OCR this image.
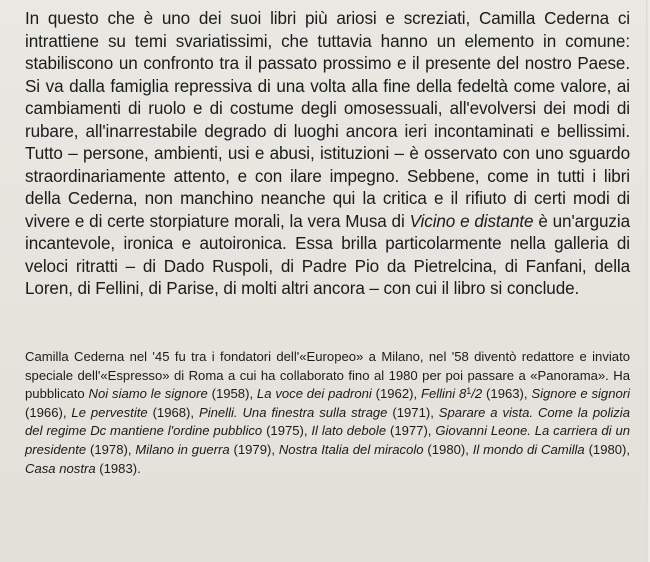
In questo che è uno dei suoi libri più ariosi e screziati, Camilla Cederna ci intrattiene su temi svariatissimi, che tuttavia hanno un elemento in comune: stabiliscono un confronto tra il passato prossimo e il presente del nostro Paese. Si va dalla famiglia repressiva di una volta alla fine della fedeltà come valore, ai cambiamenti di ruolo e di costume degli omosessuali, all'evolversi dei modi di rubare, all'inarrestabile degrado di luoghi ancora ieri incontaminati e bellissimi. Tutto – persone, ambienti, usi e abusi, istituzioni – è osservato con uno sguardo straordinariamente attento, e con ilare impegno. Sebbene, come in tutti i libri della Cederna, non manchino neanche qui la critica e il rifiuto di certi modi di vivere e di certe storpiature morali, la vera Musa di Vicino e distante è un'arguzia incantevole, ironica e autoironica. Essa brilla particolarmente nella galleria di veloci ritratti – di Dado Ruspoli, di Padre Pio da Pietrelcina, di Fanfani, della Loren, di Fellini, di Parise, di molti altri ancora – con cui il libro si conclude.

Camilla Cederna nel '45 fu tra i fondatori dell'«Europeo» a Milano, nel '58 diventò redattore e inviato speciale dell'«Espresso» di Roma a cui ha collaborato fino al 1980 per poi passare a «Panorama». Ha pubblicato Noi siamo le signore (1958), La voce dei padroni (1962), Fellini $8^1/2$ (1963), Signore e signori (1966), Le pervestite (1968), Pinelli. Una finestra sulla strage (1971), Sparare a vista. Come la polizia del regime Dc mantiene l'ordine pubblico (1975), Il lato debole (1977), Giovanni Leone. La carriera di un presidente (1978), Milano in guerra (1979), Nostra Italia del miracolo (1980), Il mondo di Camilla (1980), Casa nostra (1983).
